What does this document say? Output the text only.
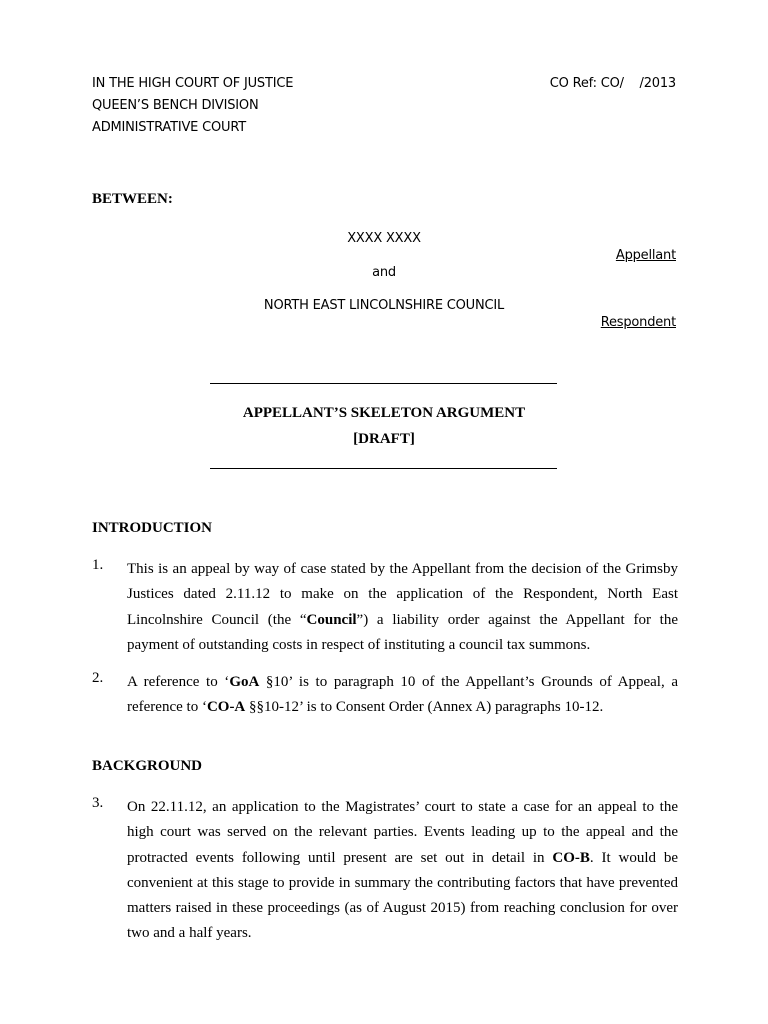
IN THE HIGH COURT OF JUSTICE
QUEEN’S BENCH DIVISION
ADMINISTRATIVE COURT
CO Ref: CO/    /2013
BETWEEN:
XXXX XXXX
Appellant
and
NORTH EAST LINCOLNSHIRE COUNCIL
Respondent
APPELLANT’S SKELETON ARGUMENT
[DRAFT]
INTRODUCTION
1. This is an appeal by way of case stated by the Appellant from the decision of the Grimsby Justices dated 2.11.12 to make on the application of the Respondent, North East Lincolnshire Council (the “Council”) a liability order against the Appellant for the payment of outstanding costs in respect of instituting a council tax summons.
2. A reference to ‘GoA §10’ is to paragraph 10 of the Appellant’s Grounds of Appeal, a reference to ‘CO-A §§10-12’ is to Consent Order (Annex A) paragraphs 10-12.
BACKGROUND
3. On 22.11.12, an application to the Magistrates’ court to state a case for an appeal to the high court was served on the relevant parties. Events leading up to the appeal and the protracted events following until present are set out in detail in CO-B. It would be convenient at this stage to provide in summary the contributing factors that have prevented matters raised in these proceedings (as of August 2015) from reaching conclusion for over two and a half years.
